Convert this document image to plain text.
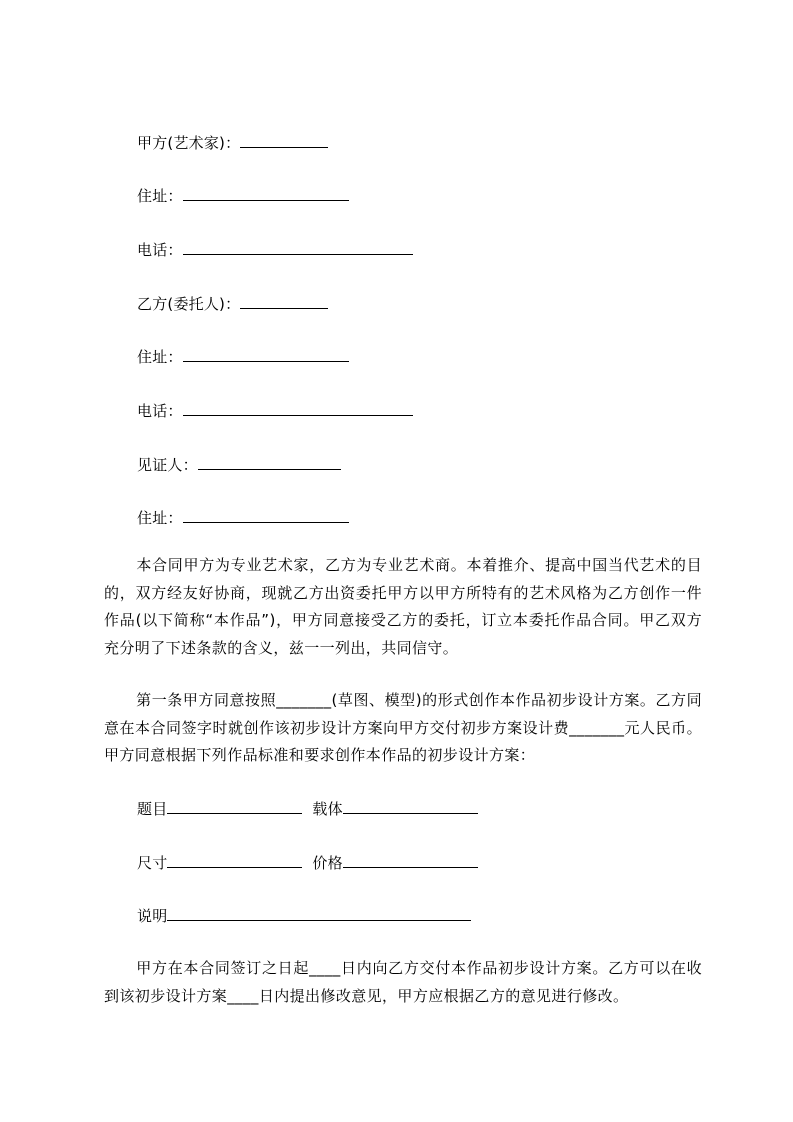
甲方(艺术家)：
住址：
电话：
乙方(委托人)：
住址：
电话：
见证人：
住址：

本合同甲方为专业艺术家，乙方为专业艺术商。本着推介、提高中国当代艺术的目的，双方经友好协商，现就乙方出资委托甲方以甲方所特有的艺术风格为乙方创作一件作品(以下简称“本作品”)，甲方同意接受乙方的委托，订立本委托作品合同。甲乙双方充分明了下述条款的含义，兹一一列出，共同信守。

第一条甲方同意按照_______(草图、模型)的形式创作本作品初步设计方案。乙方同意在本合同签字时就创作该初步设计方案向甲方交付初步方案设计费_______元人民币。甲方同意根据下列作品标准和要求创作本作品的初步设计方案：

题目	载体
尺寸	价格
说明

甲方在本合同签订之日起____日内向乙方交付本作品初步设计方案。乙方可以在收到该初步设计方案____日内提出修改意见，甲方应根据乙方的意见进行修改。
